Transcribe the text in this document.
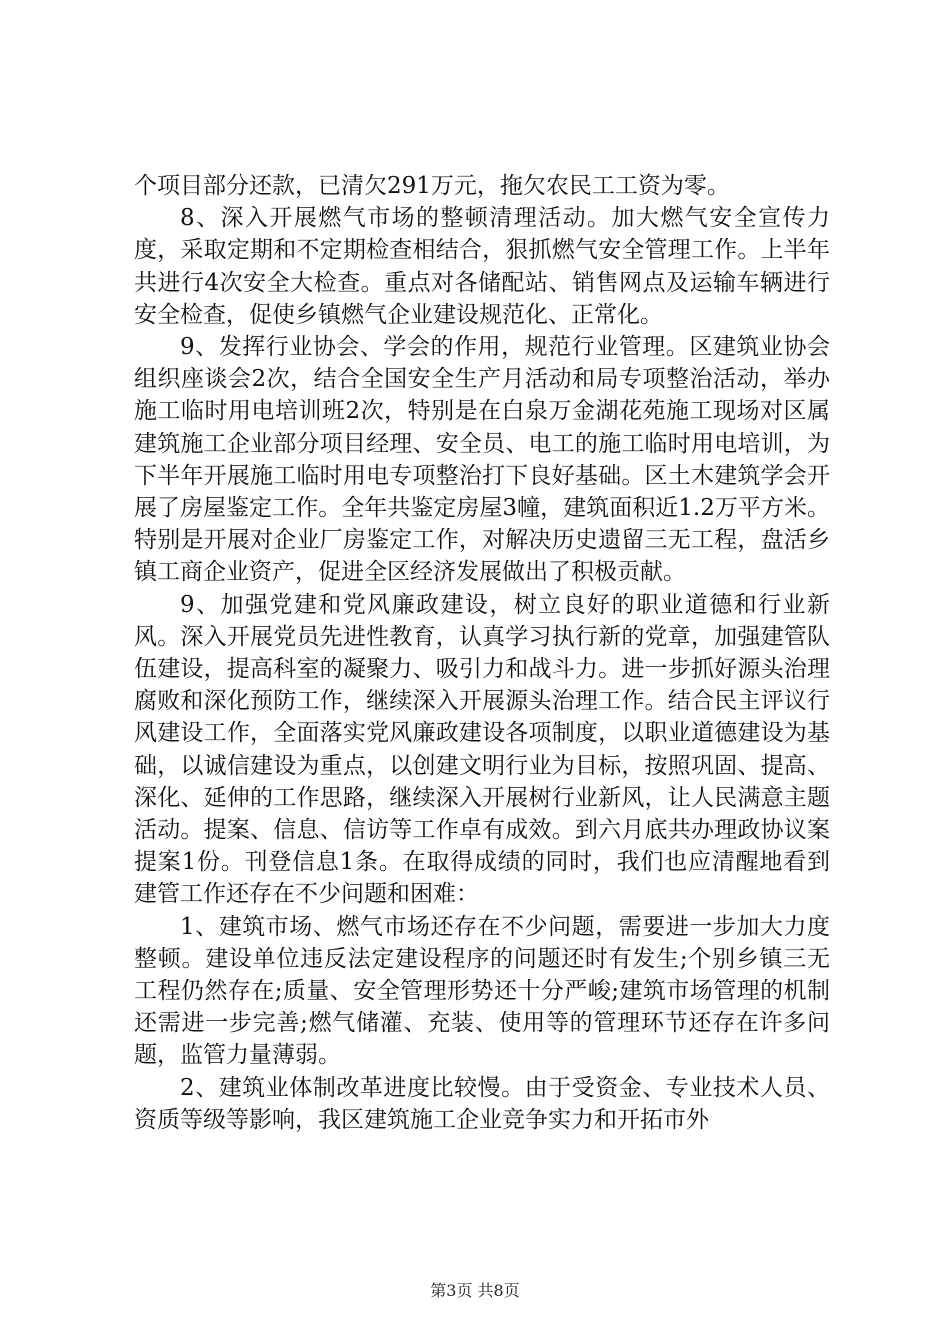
个项目部分还款，已清欠291万元，拖欠农民工工资为零。

8、深入开展燃气市场的整顿清理活动。加大燃气安全宣传力度，采取定期和不定期检查相结合，狠抓燃气安全管理工作。上半年共进行4次安全大检查。重点对各储配站、销售网点及运输车辆进行安全检查，促使乡镇燃气企业建设规范化、正常化。

9、发挥行业协会、学会的作用，规范行业管理。区建筑业协会组织座谈会2次，结合全国安全生产月活动和局专项整治活动，举办施工临时用电培训班2次，特别是在白泉万金湖花苑施工现场对区属建筑施工企业部分项目经理、安全员、电工的施工临时用电培训，为下半年开展施工临时用电专项整治打下良好基础。区土木建筑学会开展了房屋鉴定工作。全年共鉴定房屋3幢，建筑面积近1.2万平方米。特别是开展对企业厂房鉴定工作，对解决历史遗留三无工程，盘活乡镇工商企业资产，促进全区经济发展做出了积极贡献。

9、加强党建和党风廉政建设，树立良好的职业道德和行业新风。深入开展党员先进性教育，认真学习执行新的党章，加强建管队伍建设，提高科室的凝聚力、吸引力和战斗力。进一步抓好源头治理腐败和深化预防工作，继续深入开展源头治理工作。结合民主评议行风建设工作，全面落实党风廉政建设各项制度，以职业道德建设为基础，以诚信建设为重点，以创建文明行业为目标，按照巩固、提高、深化、延伸的工作思路，继续深入开展树行业新风，让人民满意主题活动。提案、信息、信访等工作卓有成效。到六月底共办理政协议案提案1份。刊登信息1条。在取得成绩的同时，我们也应清醒地看到建管工作还存在不少问题和困难：

1、建筑市场、燃气市场还存在不少问题，需要进一步加大力度整顿。建设单位违反法定建设程序的问题还时有发生;个别乡镇三无工程仍然存在;质量、安全管理形势还十分严峻;建筑市场管理的机制还需进一步完善;燃气储灌、充装、使用等的管理环节还存在许多问题，监管力量薄弱。

2、建筑业体制改革进度比较慢。由于受资金、专业技术人员、资质等级等影响，我区建筑施工企业竞争实力和开拓市外

第3页 共8页
